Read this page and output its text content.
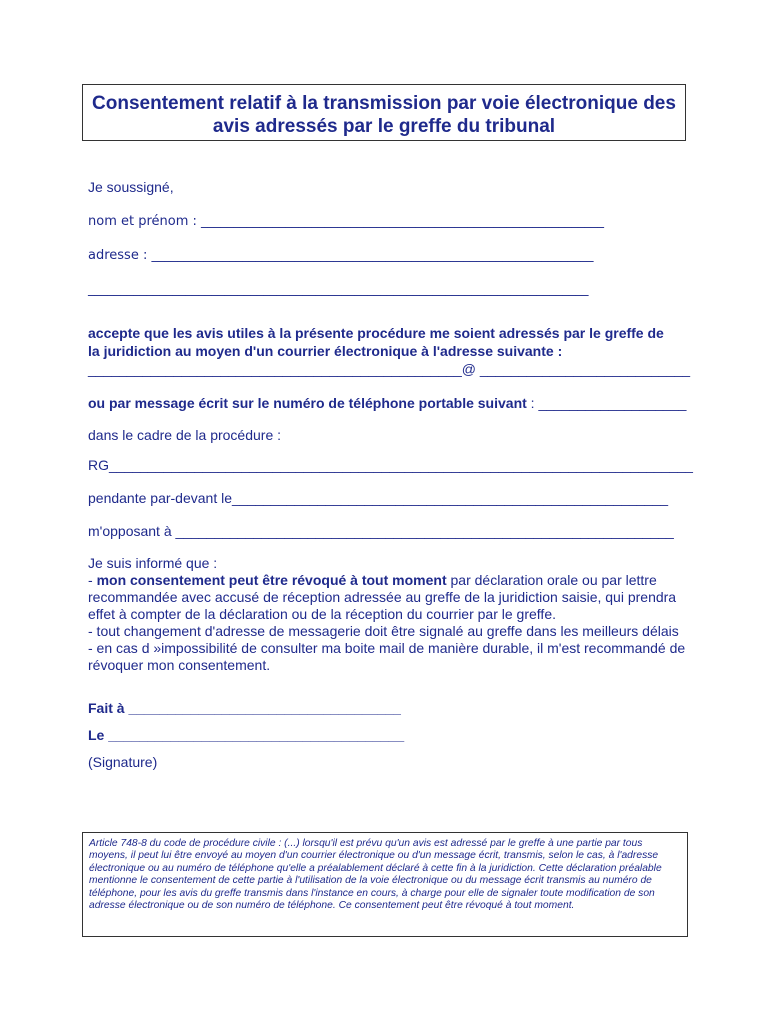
Consentement relatif à la transmission par voie électronique des
avis adressés par le greffe du tribunal
Je soussigné,
nom et prénom : ______________________________________________________________
adresse : ____________________________________________________________________
_____________________________________________________________________________
accepte que les avis utiles à la présente procédure me soient adressés par le greffe de
la juridiction au moyen d'un courrier électronique à l'adresse suivante :
________________________________________________@ ___________________________
ou par message écrit sur le numéro de téléphone portable suivant : ___________________
dans le cadre de la procédure :
RG___________________________________________________________________________
pendante par-devant le________________________________________________________
m'opposant à ________________________________________________________________
Je suis informé que :
- mon consentement peut être révoqué à tout moment par déclaration orale ou par lettre recommandée avec accusé de réception adressée au greffe de la juridiction saisie, qui prendra effet à compter de la déclaration ou de la réception du courrier par le greffe.
- tout changement d'adresse de messagerie doit être signalé au greffe dans les meilleurs délais
- en cas d »impossibilité de consulter ma boite mail de manière durable, il m'est recommandé de révoquer mon consentement.
Fait à ___________________________________
Le ______________________________________
(Signature)
Article 748-8 du code de procédure civile : (...) lorsqu'il est prévu qu'un avis est adressé par le greffe à une partie par tous moyens, il peut lui être envoyé au moyen d'un courrier électronique ou d'un message écrit, transmis, selon le cas, à l'adresse électronique ou au numéro de téléphone qu'elle a préalablement déclaré à cette fin à la juridiction. Cette déclaration préalable mentionne le consentement de cette partie à l'utilisation de la voie électronique ou du message écrit transmis au numéro de téléphone, pour les avis du greffe transmis dans l'instance en cours, à charge pour elle de signaler toute modification de son adresse électronique ou de son numéro de téléphone. Ce consentement peut être révoqué à tout moment.
